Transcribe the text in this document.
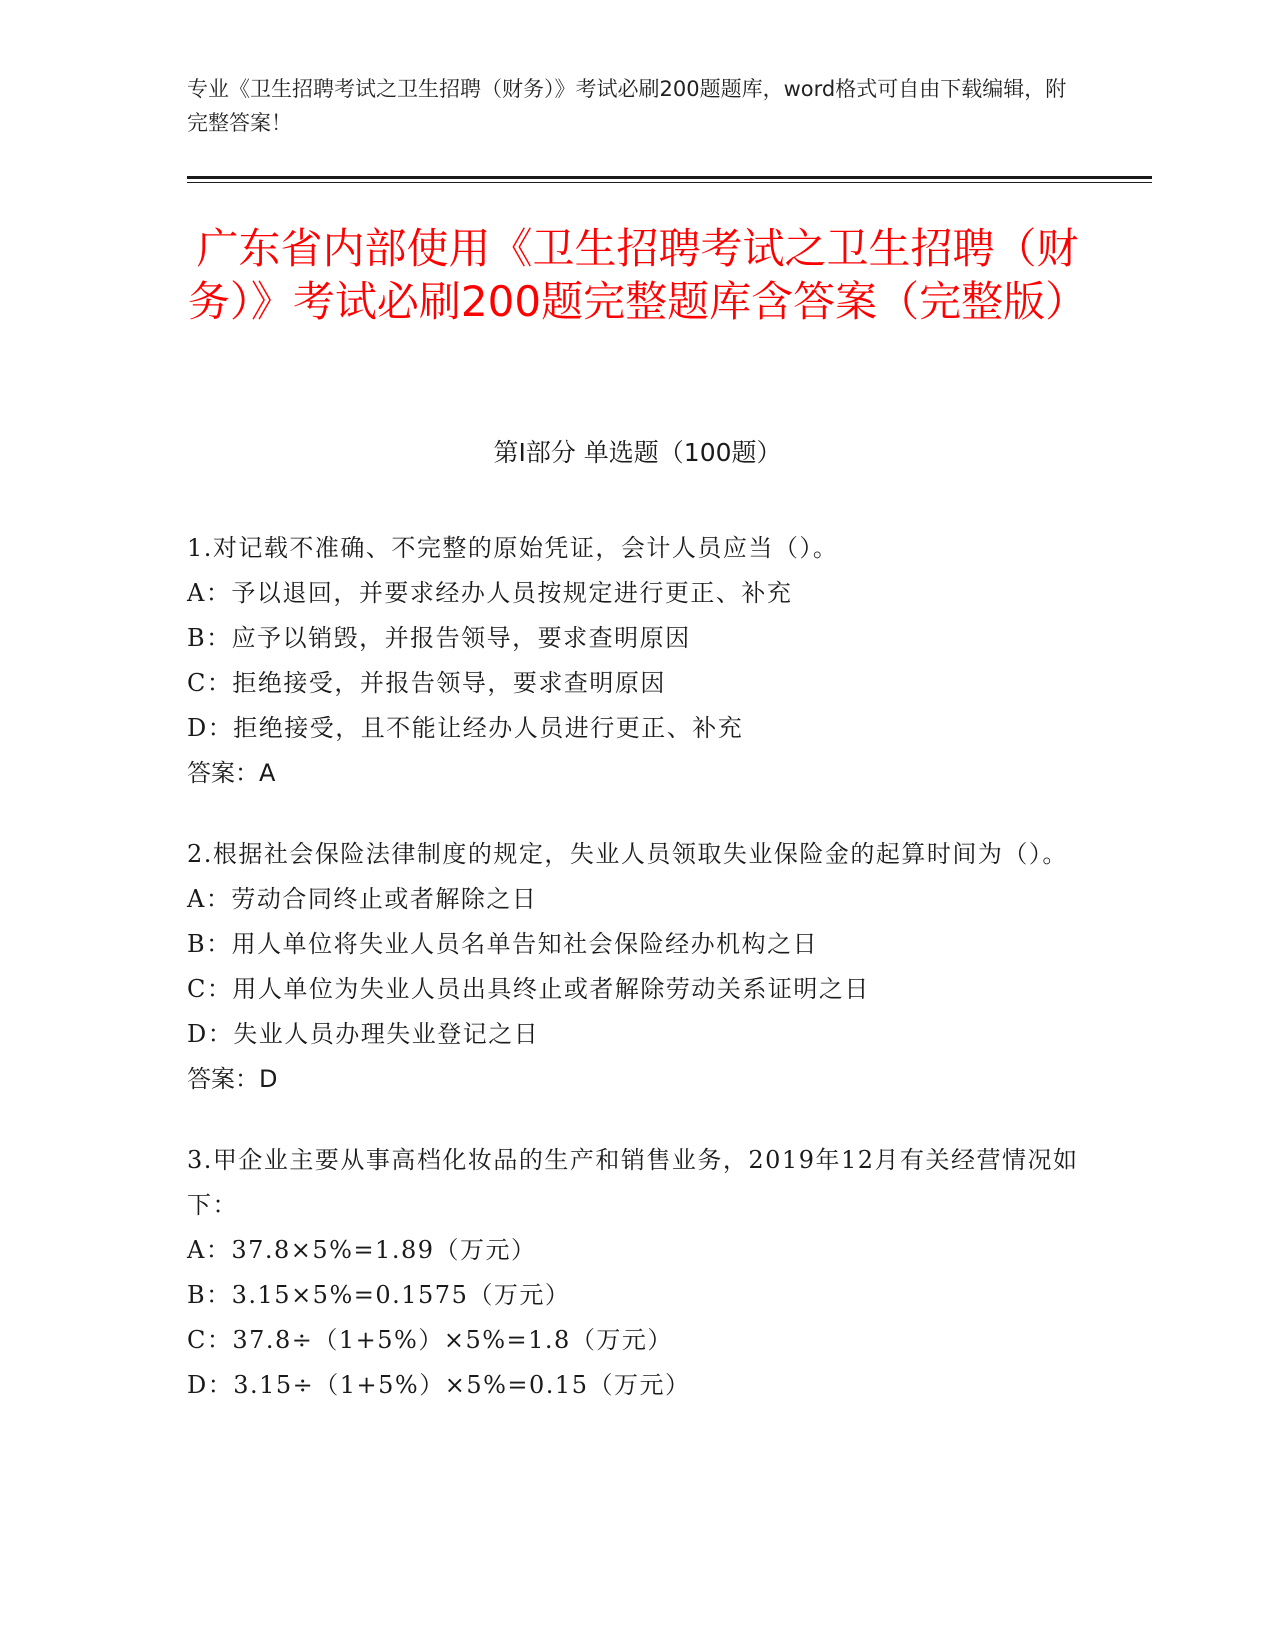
专业《卫生招聘考试之卫生招聘（财务）》考试必刷200题题库，word格式可自由下载编辑，附完整答案！
广东省内部使用《卫生招聘考试之卫生招聘（财务）》考试必刷200题完整题库含答案（完整版）
第I部分 单选题（100题）

1.对记载不准确、不完整的原始凭证，会计人员应当（）。

A：予以退回，并要求经办人员按规定进行更正、补充

B：应予以销毁，并报告领导，要求查明原因

C：拒绝接受，并报告领导，要求查明原因

D：拒绝接受，且不能让经办人员进行更正、补充

答案：A

2.根据社会保险法律制度的规定，失业人员领取失业保险金的起算时间为（）。

A：劳动合同终止或者解除之日

B：用人单位将失业人员名单告知社会保险经办机构之日

C：用人单位为失业人员出具终止或者解除劳动关系证明之日

D：失业人员办理失业登记之日

答案：D

3.甲企业主要从事高档化妆品的生产和销售业务，2019年12月有关经营情况如下：

A：37.8×5%=1.89（万元）

B：3.15×5%=0.1575（万元）

C：37.8÷（1+5%）×5%=1.8（万元）

D：3.15÷（1+5%）×5%=0.15（万元）
